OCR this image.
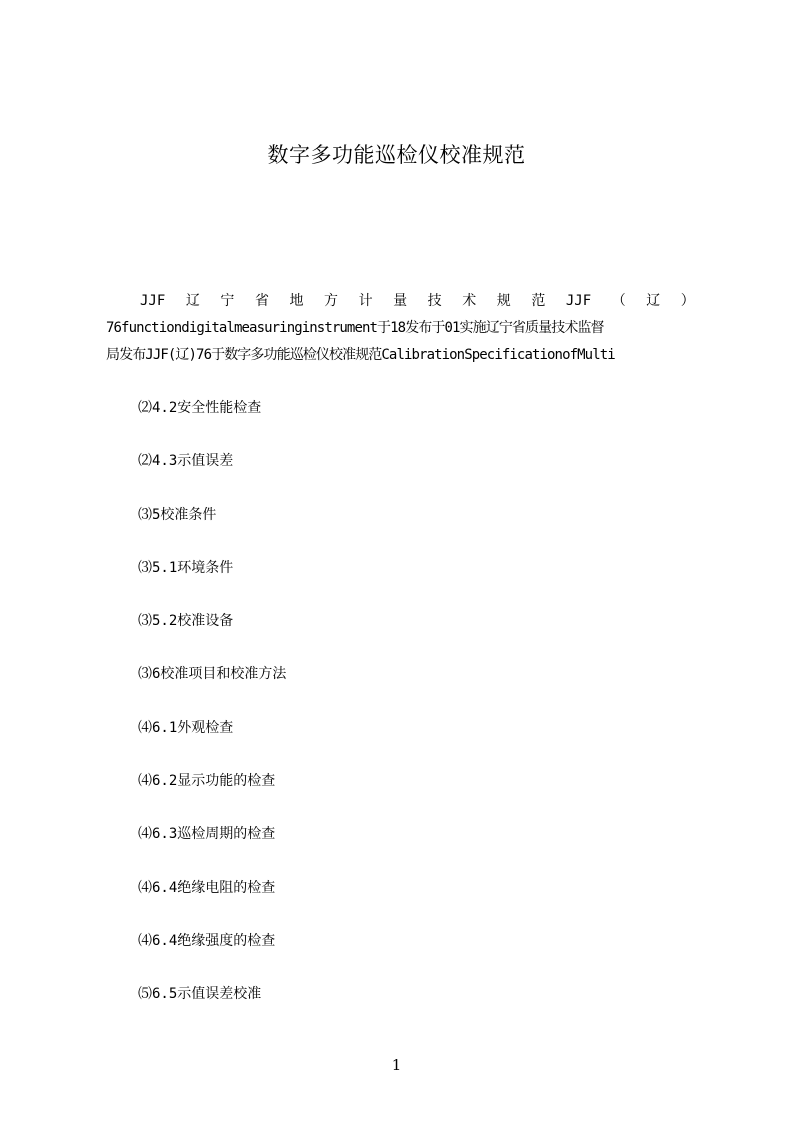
数字多功能巡检仪校准规范
JJF 辽 宁 省 地 方 计 量 技 术 规 范 JJF （ 辽 ）
76functiondigitalmeasuringinstrument于18发布于01实施辽宁省质量技术监督
局发布JJF(辽)76于数字多功能巡检仪校准规范CalibrationSpecificationofMulti
⑵4.2安全性能检查
⑵4.3示值误差
⑶5校准条件
⑶5.1环境条件
⑶5.2校准设备
⑶6校准项目和校准方法
⑷6.1外观检查
⑷6.2显示功能的检查
⑷6.3巡检周期的检查
⑷6.4绝缘电阻的检查
⑷6.4绝缘强度的检查
⑸6.5示值误差校准
1
